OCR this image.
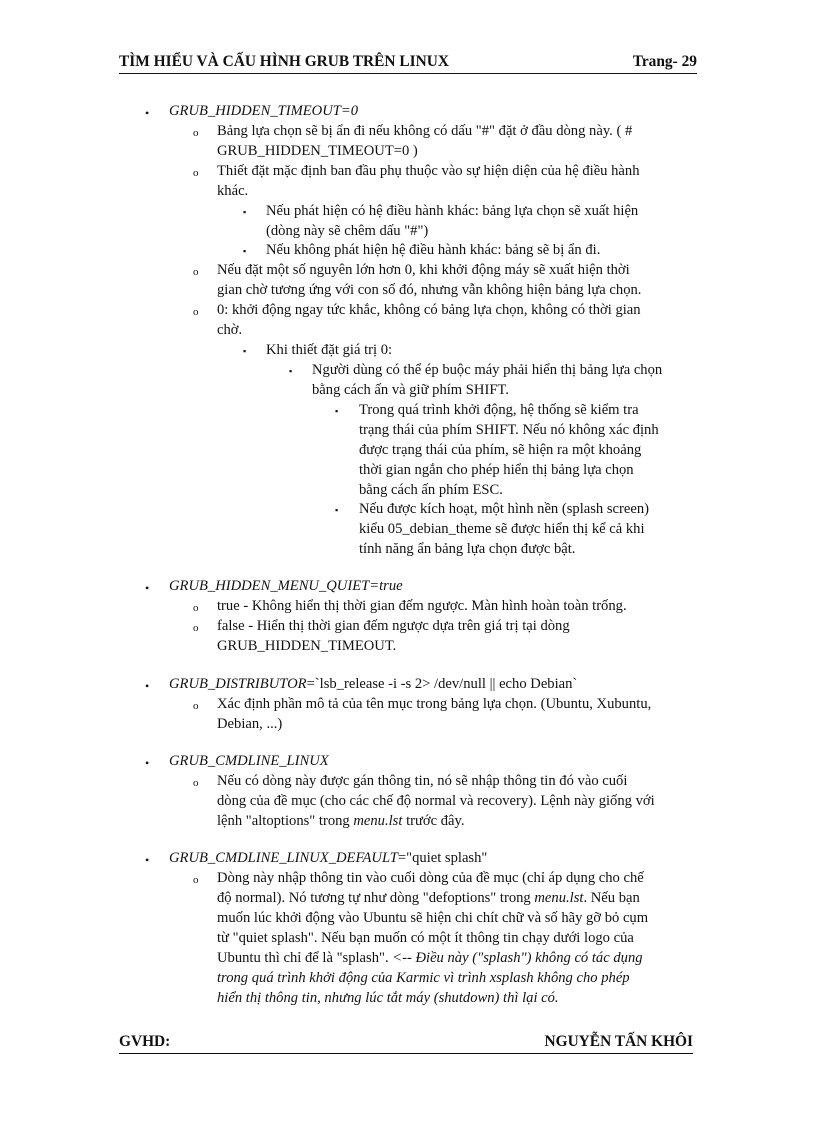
TÌM HIỂU VÀ CẤU HÌNH GRUB TRÊN LINUX	Trang- 29
• GRUB_HIDDEN_TIMEOUT=0
o Bảng lựa chọn sẽ bị ẩn đi nếu không có dấu "#" đặt ở đầu dòng này. ( #
GRUB_HIDDEN_TIMEOUT=0 )
o Thiết đặt mặc định ban đầu phụ thuộc vào sự hiện diện của hệ điều hành
khác.
▪ Nếu phát hiện có hệ điều hành khác: bảng lựa chọn sẽ xuất hiện
(dòng này sẽ chêm dấu "#")
▪ Nếu không phát hiện hệ điều hành khác: bảng sẽ bị ẩn đi.
o Nếu đặt một số nguyên lớn hơn 0, khi khởi động máy sẽ xuất hiện thời
gian chờ tương ứng với con số đó, nhưng vẫn không hiện bảng lựa chọn.
o 0: khởi động ngay tức khắc, không có bảng lựa chọn, không có thời gian
chờ.
▪ Khi thiết đặt giá trị 0:
▪ Người dùng có thể ép buộc máy phải hiển thị bảng lựa chọn
bằng cách ấn và giữ phím SHIFT.
▪ Trong quá trình khởi động, hệ thống sẽ kiểm tra
trạng thái của phím SHIFT. Nếu nó không xác định
được trạng thái của phím, sẽ hiện ra một khoảng
thời gian ngắn cho phép hiển thị bảng lựa chọn
bằng cách ấn phím ESC.
▪ Nếu được kích hoạt, một hình nền (splash screen)
kiểu 05_debian_theme sẽ được hiển thị kể cả khi
tính năng ẩn bảng lựa chọn được bật.
• GRUB_HIDDEN_MENU_QUIET=true
o true - Không hiển thị thời gian đếm ngược. Màn hình hoàn toàn trống.
o false - Hiển thị thời gian đếm ngược dựa trên giá trị tại dòng
GRUB_HIDDEN_TIMEOUT.
• GRUB_DISTRIBUTOR=`lsb_release -i -s 2> /dev/null || echo Debian`
o Xác định phần mô tả của tên mục trong bảng lựa chọn. (Ubuntu, Xubuntu,
Debian, ...)
• GRUB_CMDLINE_LINUX
o Nếu có dòng này được gán thông tin, nó sẽ nhập thông tin đó vào cuối
dòng của đề mục (cho các chế độ normal và recovery). Lệnh này giống với
lệnh "altoptions" trong menu.lst trước đây.
• GRUB_CMDLINE_LINUX_DEFAULT="quiet splash"
o Dòng này nhập thông tin vào cuối dòng của đề mục (chỉ áp dụng cho chế
độ normal). Nó tương tự như dòng "defoptions" trong menu.lst. Nếu bạn
muốn lúc khởi động vào Ubuntu sẽ hiện chi chít chữ và số hãy gỡ bỏ cụm
từ "quiet splash". Nếu bạn muốn có một ít thông tin chạy dưới logo của
Ubuntu thì chỉ để là "splash". <-- Điều này ("splash") không có tác dụng
trong quá trình khởi động của Karmic vì trình xsplash không cho phép
hiển thị thông tin, nhưng lúc tắt máy (shutdown) thì lại có.
GVHD:	NGUYỄN TẤN KHÔI
